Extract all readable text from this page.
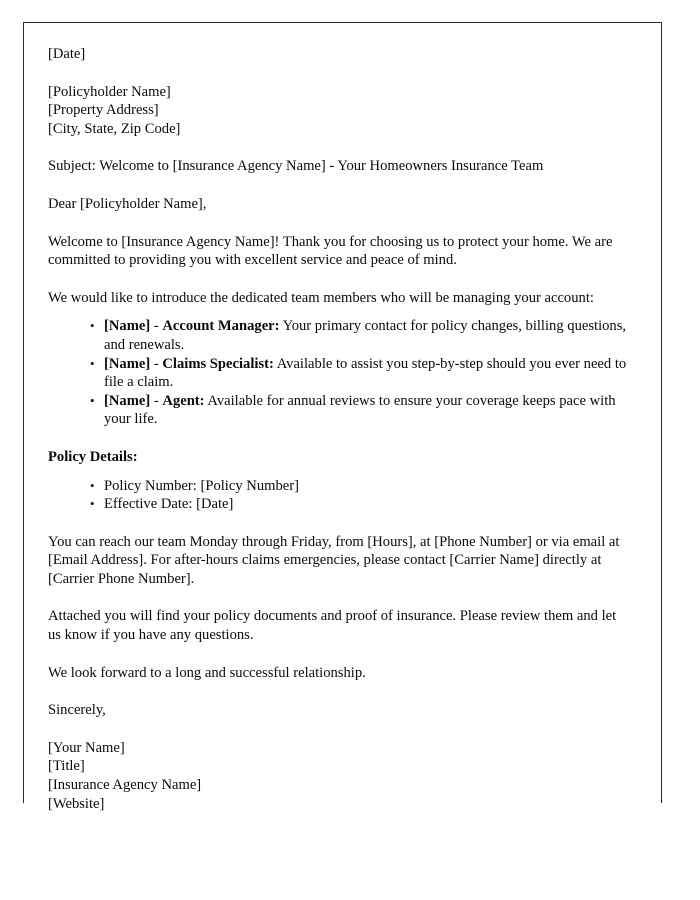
[Date]
[Policyholder Name]
[Property Address]
[City, State, Zip Code]
Subject: Welcome to [Insurance Agency Name] - Your Homeowners Insurance Team
Dear [Policyholder Name],

Welcome to [Insurance Agency Name]! Thank you for choosing us to protect your home. We are committed to providing you with excellent service and peace of mind.

We would like to introduce the dedicated team members who will be managing your account:

• [Name] - Account Manager: Your primary contact for policy changes, billing questions, and renewals.
• [Name] - Claims Specialist: Available to assist you step-by-step should you ever need to file a claim.
• [Name] - Agent: Available for annual reviews to ensure your coverage keeps pace with your life.
Policy Details:
• Policy Number: [Policy Number]
• Effective Date: [Date]

You can reach our team Monday through Friday, from [Hours], at [Phone Number] or via email at [Email Address]. For after-hours claims emergencies, please contact [Carrier Name] directly at [Carrier Phone Number].

Attached you will find your policy documents and proof of insurance. Please review them and let us know if you have any questions.

We look forward to a long and successful relationship.

Sincerely,
[Your Name]
[Title]
[Insurance Agency Name]
[Website]
